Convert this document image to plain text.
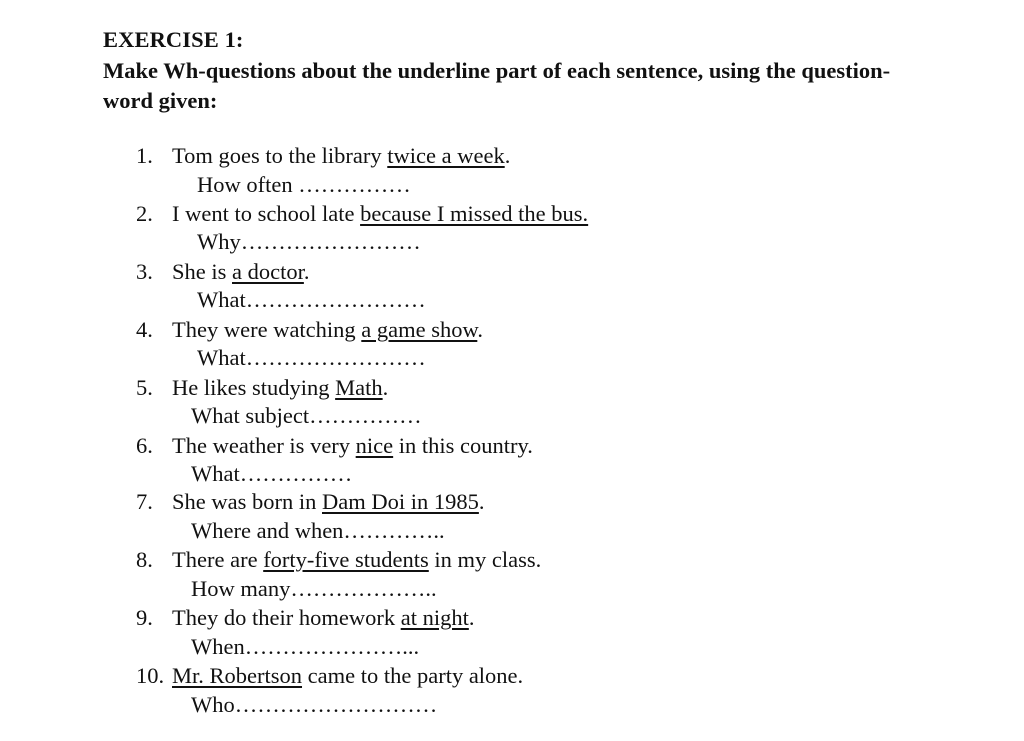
EXERCISE 1:
Make Wh-questions about the underline part of each sentence, using the question-word given:
1. Tom goes to the library twice a week.
How often ……………
2. I went to school late because I missed the bus.
Why……………………
3. She is a doctor.
What……………………
4. They were watching a game show.
What……………………
5. He likes studying Math.
What subject……………
6. The weather is very nice in this country.
What……………
7. She was born in Dam Doi in 1985.
Where and when…………..
8. There are forty-five students in my class.
How many………………..
9. They do their homework at night.
When…………………...
10. Mr. Robertson came to the party alone.
Who………………………
